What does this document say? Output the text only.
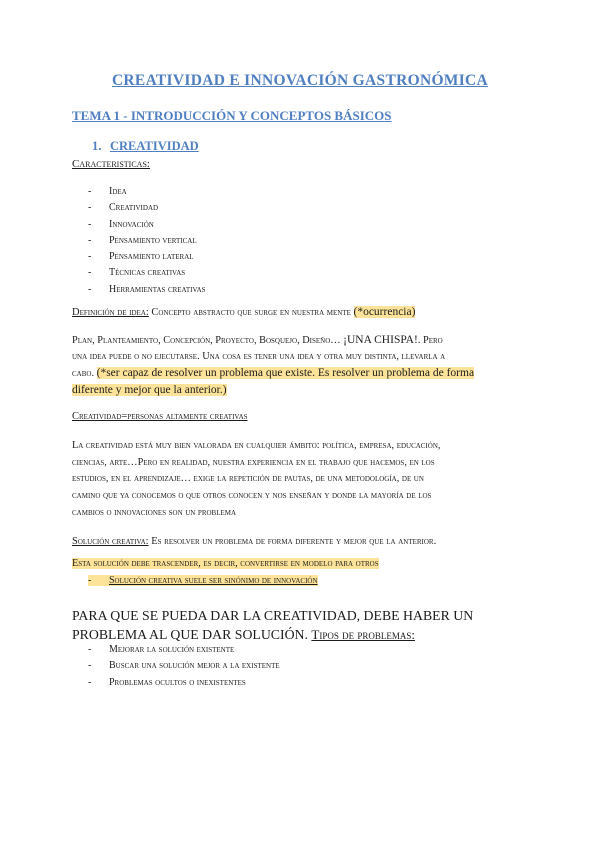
CREATIVIDAD E INNOVACIÓN GASTRONÓMICA
TEMA 1 - INTRODUCCIÓN Y CONCEPTOS BÁSICOS
1. CREATIVIDAD
Caracteristicas:
- Idea
- Creatividad
- Innovación
- Pensamiento vertical
- Pensamiento lateral
- Técnicas creativas
- Herramientas creativas
Definición de idea: Concepto abstracto que surge en nuestra mente (*ocurrencia)
Plan, Planteamiento, Concepción, Proyecto, Bosquejo, Diseño… ¡UNA CHISPA!. Pero
una idea puede o no ejecutarse. Una cosa es tener una idea y otra muy distinta, llevarla a
cabo. (*ser capaz de resolver un problema que existe. Es resolver un problema de forma
diferente y mejor que la anterior.)
Creatividad=personas altamente creativas
La creatividad está muy bien valorada en cualquier ámbito: política, empresa, educación,
ciencias, arte…Pero en realidad, nuestra experiencia en el trabajo que hacemos, en los
estudios, en el aprendizaje… exige la repetición de pautas, de una metodología, de un
camino que ya conocemos o que otros conocen y nos enseñan y donde la mayoría de los
cambios o innovaciones son un problema
Solución creativa: Es resolver un problema de forma diferente y mejor que la anterior.
Esta solución debe trascender, es decir, convertirse en modelo para otros
- Solución creativa suele ser sinónimo de innovación

PARA QUE SE PUEDA DAR LA CREATIVIDAD, DEBE HABER UN PROBLEMA AL QUE DAR SOLUCIÓN. Tipos de problemas:

- Mejorar la solución existente
- Buscar una solución mejor a la existente
- Problemas ocultos o inexistentes
